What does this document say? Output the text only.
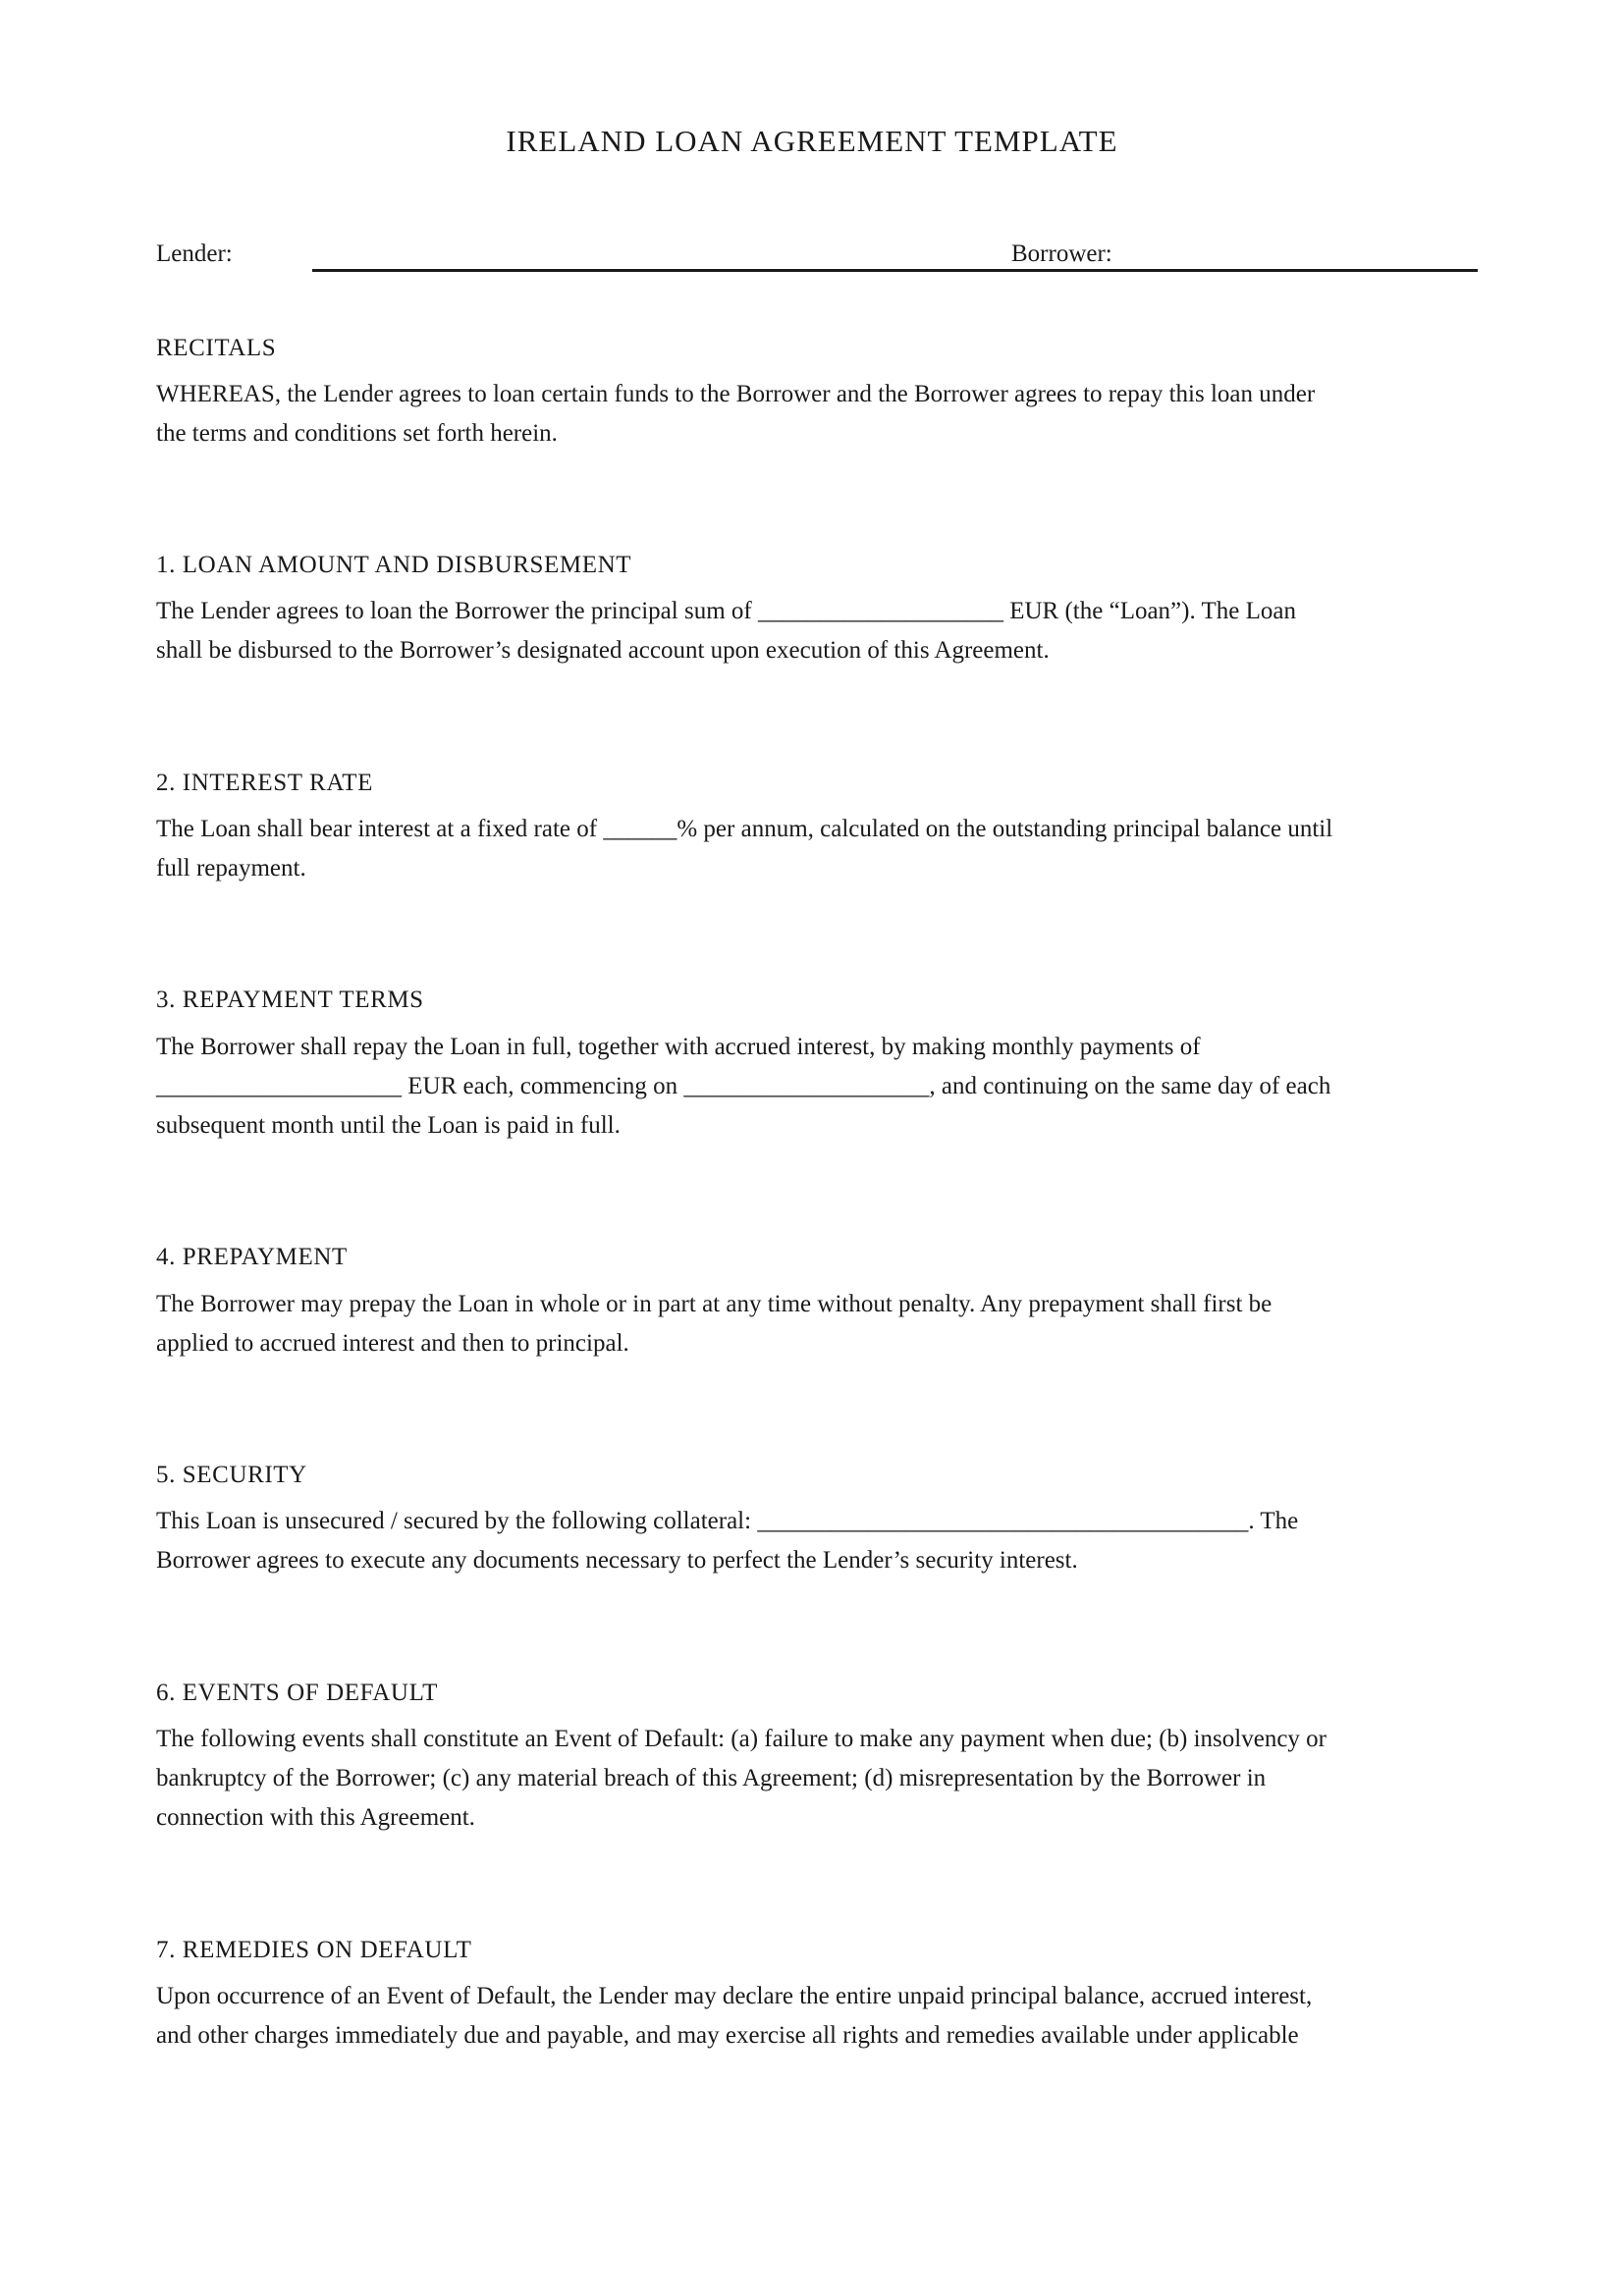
IRELAND LOAN AGREEMENT TEMPLATE
Lender:	Borrower:
RECITALS
WHEREAS, the Lender agrees to loan certain funds to the Borrower and the Borrower agrees to repay this loan under
the terms and conditions set forth herein.
1. LOAN AMOUNT AND DISBURSEMENT
The Lender agrees to loan the Borrower the principal sum of ____________________ EUR (the “Loan”). The Loan
shall be disbursed to the Borrower’s designated account upon execution of this Agreement.
2. INTEREST RATE
The Loan shall bear interest at a fixed rate of ______% per annum, calculated on the outstanding principal balance until
full repayment.
3. REPAYMENT TERMS
The Borrower shall repay the Loan in full, together with accrued interest, by making monthly payments of
____________________ EUR each, commencing on ____________________, and continuing on the same day of each
subsequent month until the Loan is paid in full.
4. PREPAYMENT
The Borrower may prepay the Loan in whole or in part at any time without penalty. Any prepayment shall first be
applied to accrued interest and then to principal.
5. SECURITY
This Loan is unsecured / secured by the following collateral: ________________________________________. The
Borrower agrees to execute any documents necessary to perfect the Lender’s security interest.
6. EVENTS OF DEFAULT
The following events shall constitute an Event of Default: (a) failure to make any payment when due; (b) insolvency or
bankruptcy of the Borrower; (c) any material breach of this Agreement; (d) misrepresentation by the Borrower in
connection with this Agreement.
7. REMEDIES ON DEFAULT
Upon occurrence of an Event of Default, the Lender may declare the entire unpaid principal balance, accrued interest,
and other charges immediately due and payable, and may exercise all rights and remedies available under applicable
